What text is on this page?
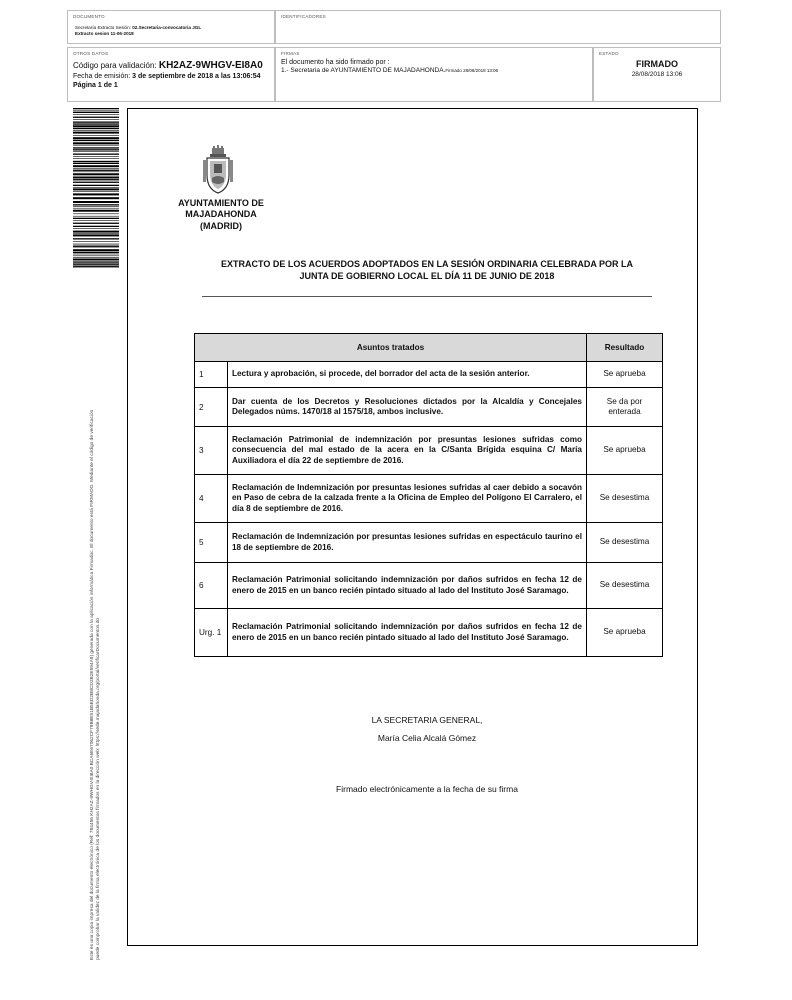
DOCUMENTO
Secretaría Extracto Sesión: 02.Secretaria-convocatoria JGL
Extracto sesion 11-06-2018
IDENTIFICADORES
OTROS DATOS
Código para validación: KH2AZ-9WHGV-EI8A0
Fecha de emisión: 3 de septiembre de 2018 a las 13:06:54
Página 1 de 1
FIRMAS
El documento ha sido firmado por :
1.- Secretaria de AYUNTAMIENTO DE MAJADAHONDA.Firmado 28/08/2018 13:06
ESTADO
FIRMADO
28/08/2018 13:06
Este es una copia impresa del documento electrónico (Ref: 784456 KH2AZ-9WHGV-EI8A0 BCA6E67062CF79B8E51B5ED2B8CD2B2E594A9) generada con la aplicación informática Firmadoc. El documento está FIRMADO. Mediante el código de verificación puede comprobar la validez de la firma electrónica de los documentos firmados en la dirección web: https://sede.majadahonda.org/portal/verificarDocumentos.do
AYUNTAMIENTO DE
MAJADAHONDA
(MADRID)
EXTRACTO DE LOS ACUERDOS ADOPTADOS EN LA SESIÓN ORDINARIA CELEBRADA POR LA
JUNTA DE GOBIERNO LOCAL EL DÍA 11 DE JUNIO DE 2018
Asuntos tratados		Resultado
1	Lectura y aprobación, si procede, del borrador del acta de la sesión anterior.	Se aprueba
2	Dar cuenta de los Decretos y Resoluciones dictados por la Alcaldía y Concejales Delegados núms. 1470/18 al 1575/18, ambos inclusive.	Se da por enterada
3	Reclamación Patrimonial de indemnización por presuntas lesiones sufridas como consecuencia del mal estado de la acera en la C/Santa Brígida esquina C/ María Auxiliadora el día 22 de septiembre de 2016.	Se aprueba
4	Reclamación de Indemnización por presuntas lesiones sufridas al caer debido a socavón en Paso de cebra de la calzada frente a la Oficina de Empleo del Polígono El Carralero, el día 8 de septiembre de 2016.	Se desestima
5	Reclamación de Indemnización por presuntas lesiones sufridas en espectáculo taurino el 18 de septiembre de 2016.	Se desestima
6	Reclamación Patrimonial solicitando indemnización por daños sufridos en fecha 12 de enero de 2015 en un banco recién pintado situado al lado del Instituto José Saramago.	Se desestima
Urg. 1	Reclamación Patrimonial solicitando indemnización por daños sufridos en fecha 12 de enero de 2015 en un banco recién pintado situado al lado del Instituto José Saramago.	Se aprueba
LA SECRETARIA GENERAL,
María Celia Alcalá Gómez
Firmado electrónicamente a la fecha de su firma
